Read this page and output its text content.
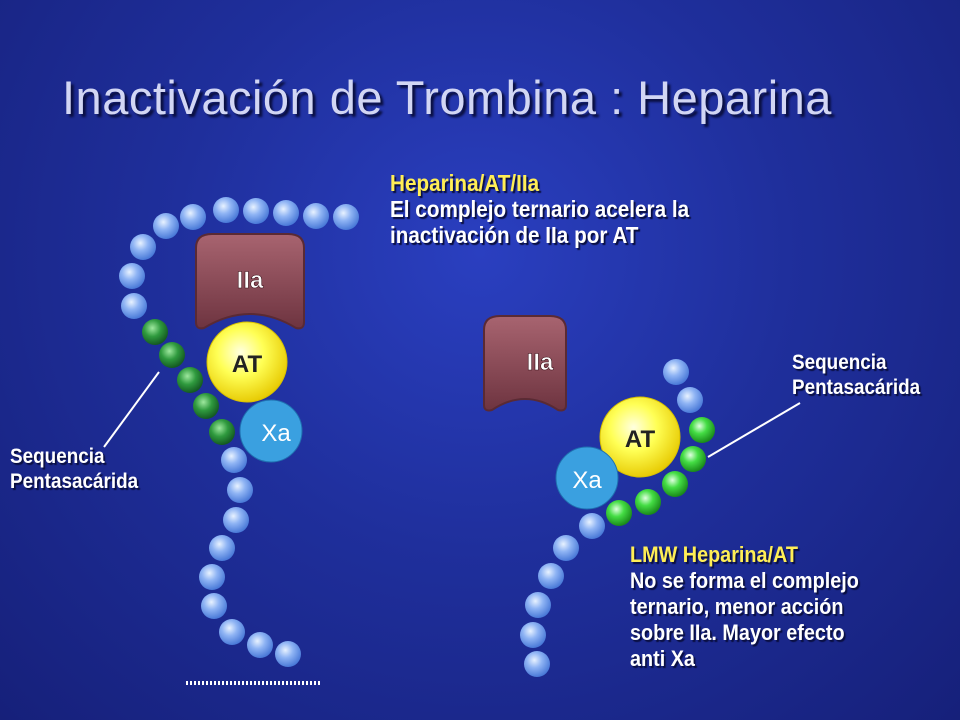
Inactivación de Trombina : Heparina
IIa
AT
Xa
IIa
AT
Xa
Heparina/AT/IIa
El complejo ternario acelera la
inactivación de IIa por AT
Sequencia
Pentasacárida
Sequencia
Pentasacárida
LMW Heparina/AT
No se forma el complejo
ternario, menor acción
sobre IIa. Mayor efecto
anti Xa
